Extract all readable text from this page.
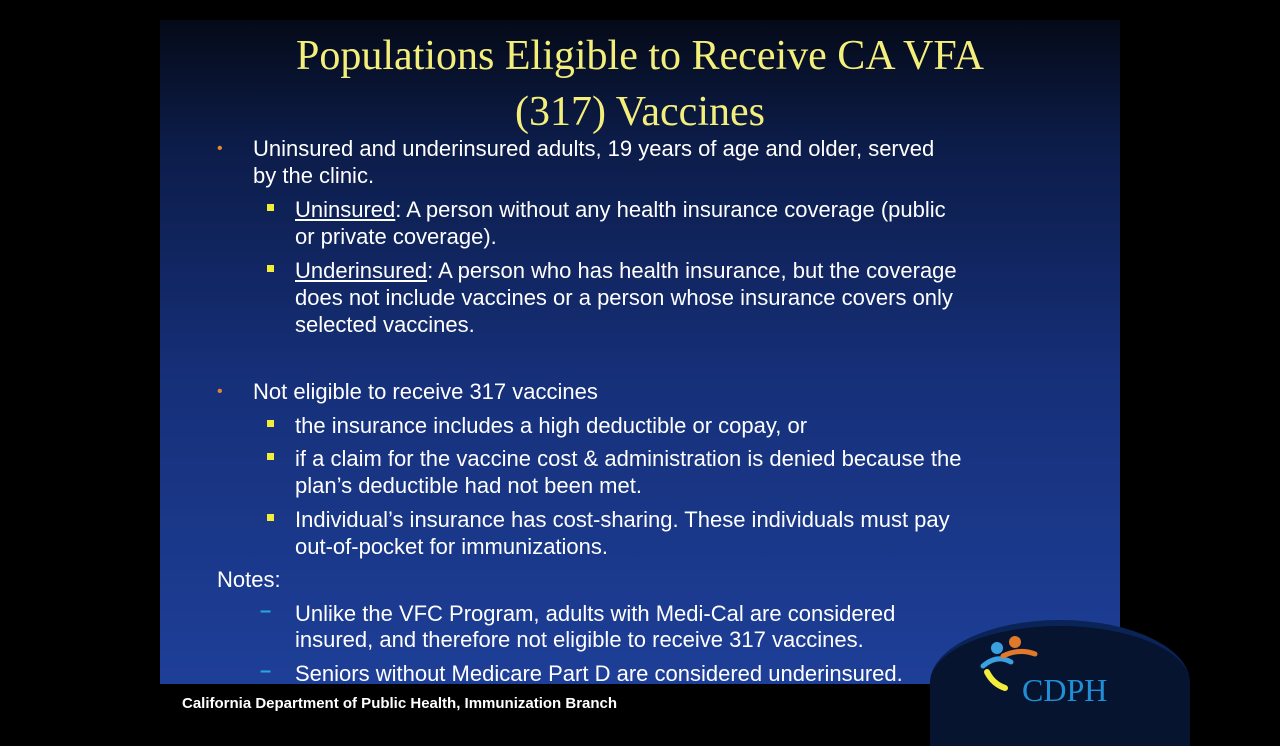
Populations Eligible to Receive CA VFA
(317) Vaccines
• Uninsured and underinsured adults, 19 years of age and older, served
by the clinic.
Uninsured: A person without any health insurance coverage (public
or private coverage).
Underinsured: A person who has health insurance, but the coverage
does not include vaccines or a person whose insurance covers only
selected vaccines.
• Not eligible to receive 317 vaccines
the insurance includes a high deductible or copay, or
if a claim for the vaccine cost & administration is denied because the
plan’s deductible had not been met.
Individual’s insurance has cost-sharing. These individuals must pay
out-of-pocket for immunizations.
Notes:
– Unlike the VFC Program, adults with Medi-Cal are considered
insured, and therefore not eligible to receive 317 vaccines.
– Seniors without Medicare Part D are considered underinsured.	CDPH
California Department of Public Health, Immunization Branch
